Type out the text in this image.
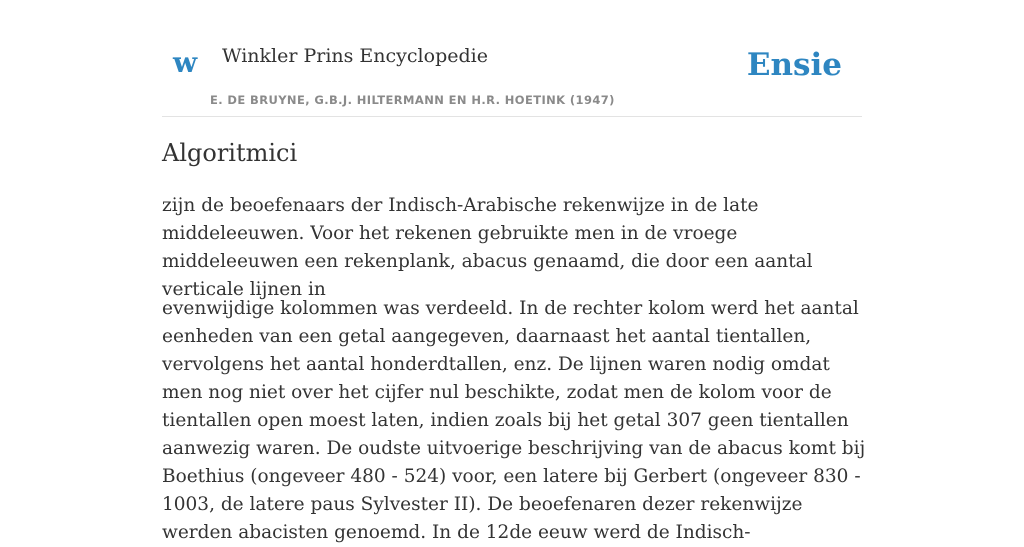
w Winkler Prins Encyclopedie
E. DE BRUYNE, G.B.J. HILTERMANN EN H.R. HOETINK (1947)
Ensie
Algoritmici

zijn de beoefenaars der Indisch-Arabische rekenwijze in de late middeleeuwen. Voor het rekenen gebruikte men in de vroege middeleeuwen een rekenplank, abacus genaamd, die door een aantal verticale lijnen in

evenwijdige kolommen was verdeeld. In de rechter kolom werd het aantal eenheden van een getal aangegeven, daarnaast het aantal tientallen, vervolgens het aantal honderdtallen, enz. De lijnen waren nodig omdat men nog niet over het cijfer nul beschikte, zodat men de kolom voor de tientallen open moest laten, indien zoals bij het getal 307 geen tientallen aanwezig waren. De oudste uitvoerige beschrijving van de abacus komt bij Boethius (ongeveer 480 - 524) voor, een latere bij Gerbert (ongeveer 830 - 1003, de latere paus Sylvester II). De beoefenaren dezer rekenwijze werden abacisten genoemd. In de 12de eeuw werd de Indisch-
